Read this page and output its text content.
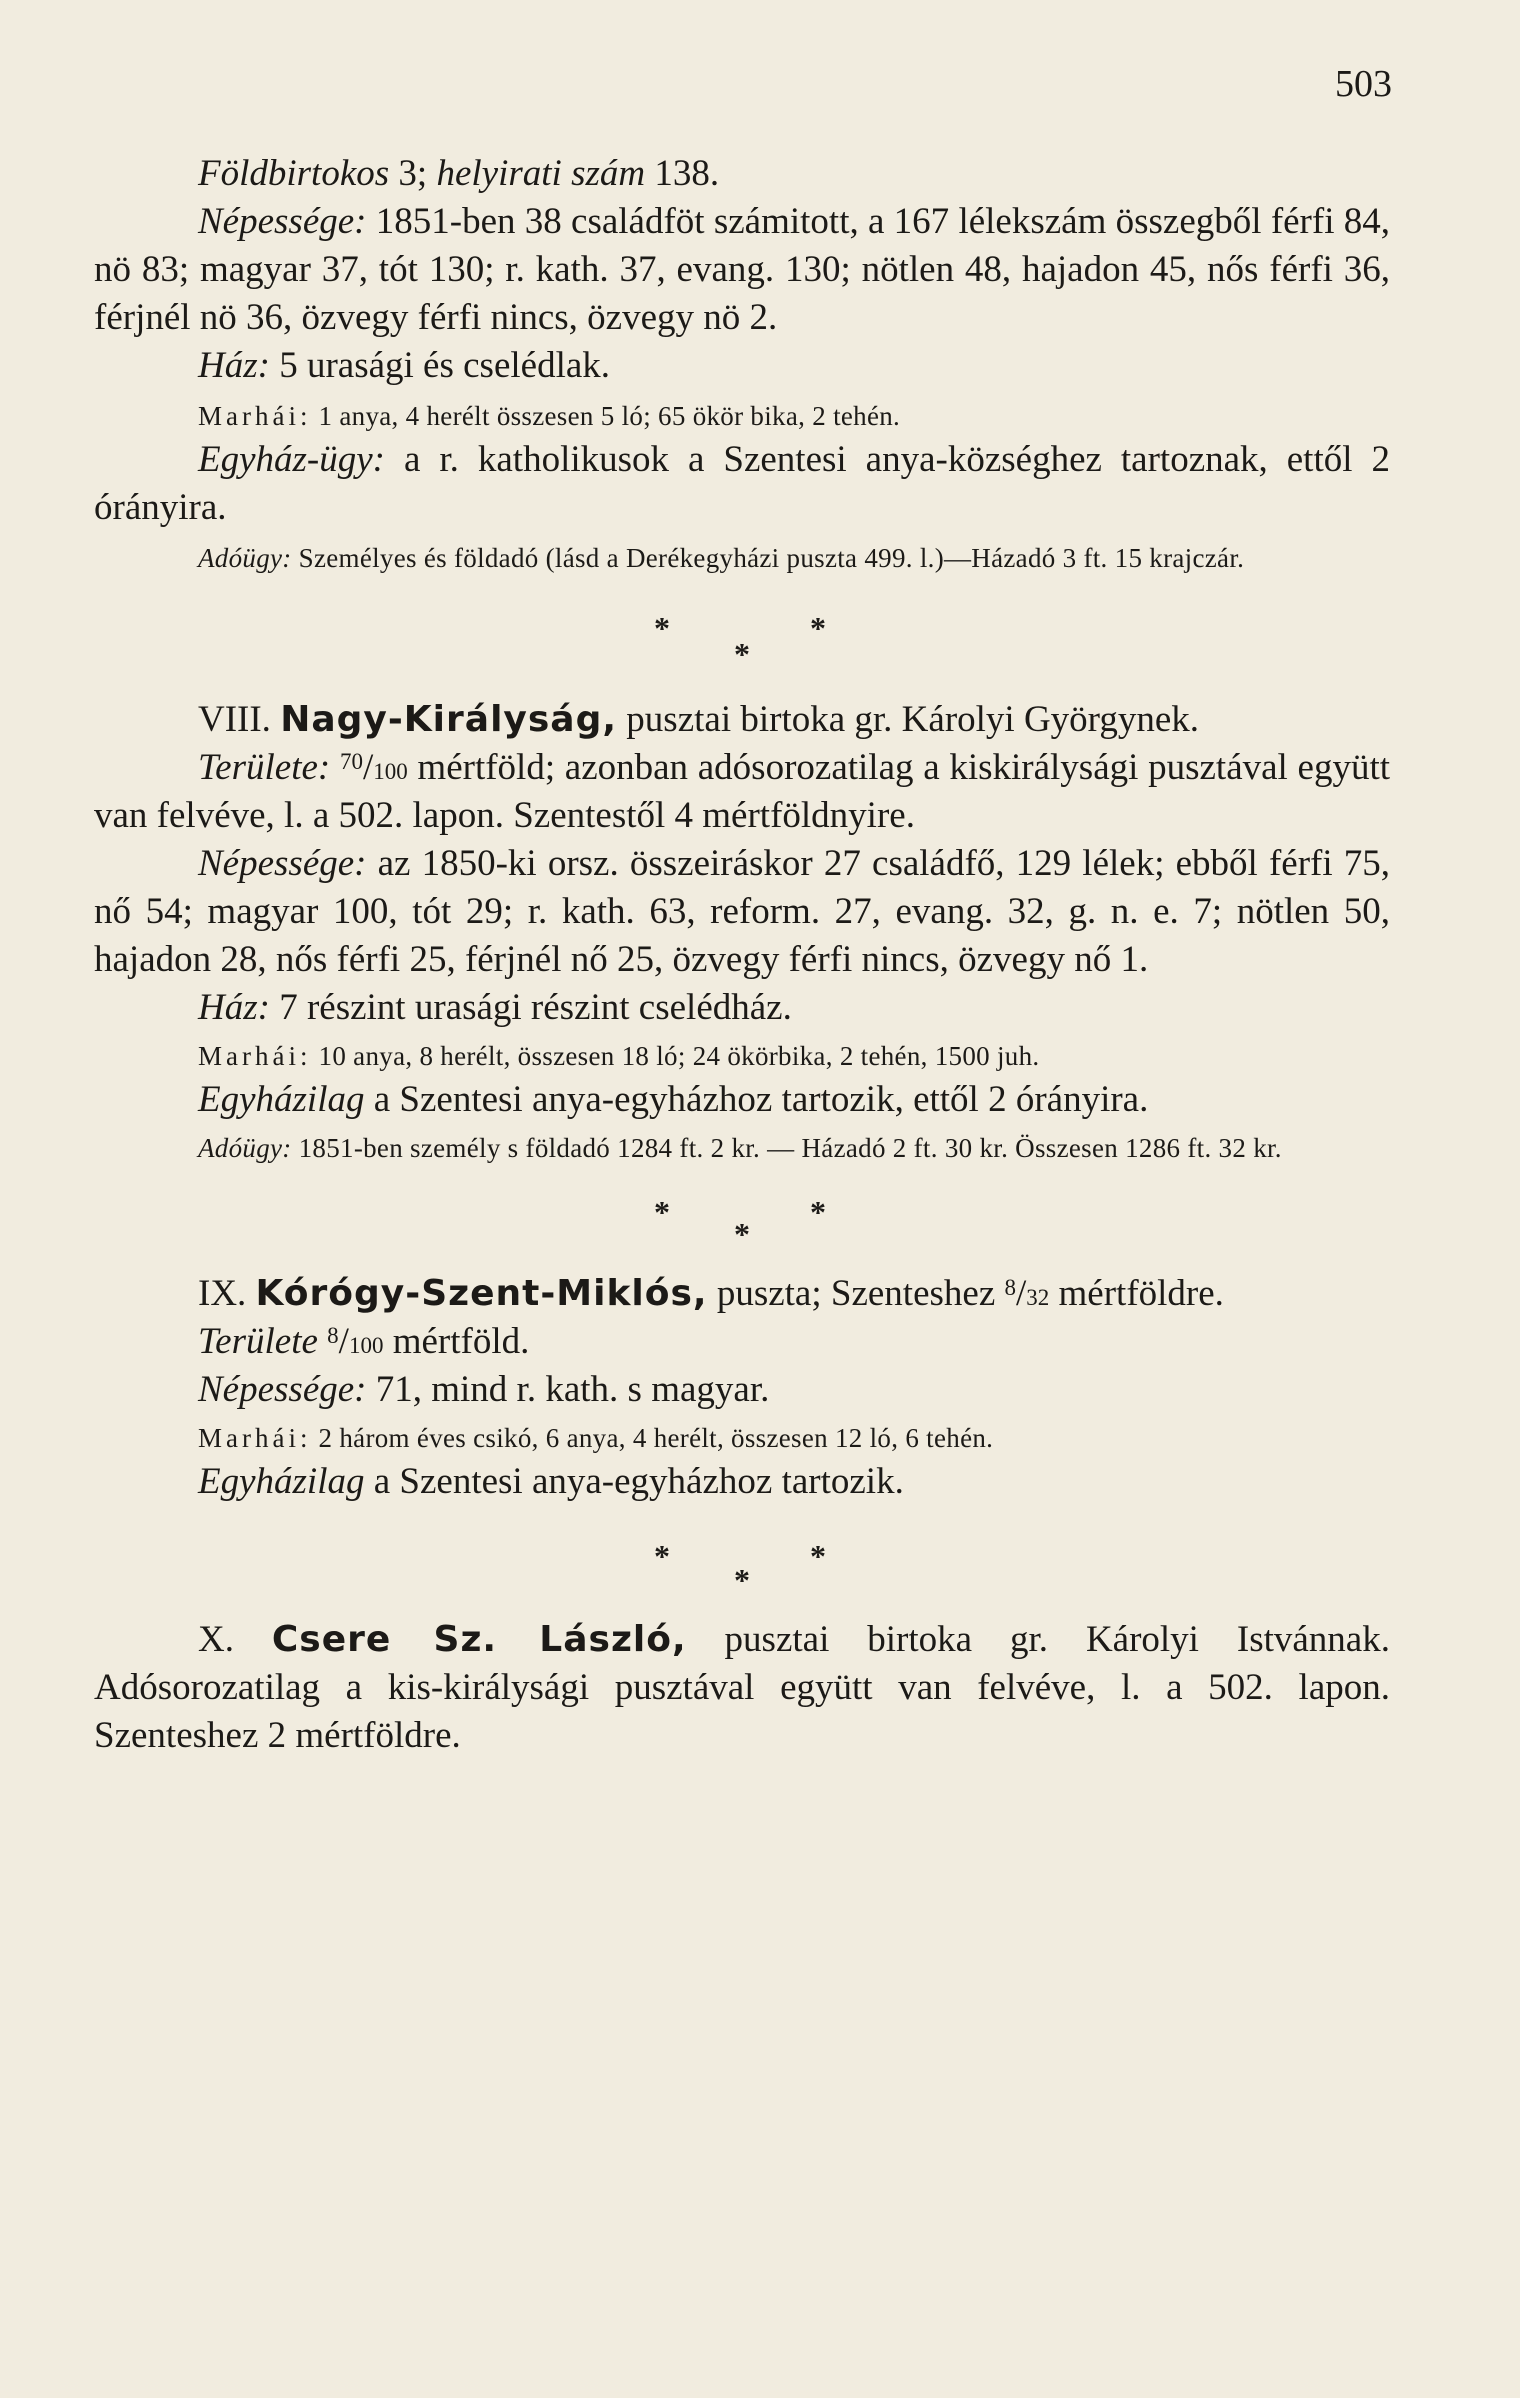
503

Földbirtokos 3; helyirati szám 138.

Népessége: 1851-ben 38 családföt számitott, a 167 lélekszám összegből férfi 84, nö 83; magyar 37, tót 130; r. kath. 37, evang. 130; nötlen 48, hajadon 45, nős férfi 36, férjnél nö 36, özvegy férfi nincs, özvegy nö 2.

Ház: 5 urasági és cselédlak.

Marhái: 1 anya, 4 herélt összesen 5 ló; 65 ökör bika, 2 tehén.

Egyház-ügy: a r. katholikusok a Szentesi anya-községhez tartoznak, ettől 2 órányira.

Adóügy: Személyes és földadó (lásd a Derékegyházi puszta 499. l.)—Házadó 3 ft. 15 krajczár.

*	*
*

VIII. Nagy-Királyság, pusztai birtoka gr. Károlyi Györgynek.

Területe: $^{70}$/100 mértföld; azonban adósorozatilag a kiskirálysági pusztával együtt van felvéve, l. a 502. lapon. Szentestől 4 mértföldnyire.

Népessége: az 1850-ki orsz. összeiráskor 27 családfő, 129 lélek; ebből férfi 75, nő 54; magyar 100, tót 29; r. kath. 63, reform. 27, evang. 32, g. n. e. 7; nötlen 50, hajadon 28, nős férfi 25, férjnél nő 25, özvegy férfi nincs, özvegy nő 1.

Ház: 7 részint urasági részint cselédház.

Marhái: 10 anya, 8 herélt, összesen 18 ló; 24 ökörbika, 2 tehén, 1500 juh.

Egyházilag a Szentesi anya-egyházhoz tartozik, ettől 2 órányira.

Adóügy: 1851-ben személy s földadó 1284 ft. 2 kr. — Házadó 2 ft. 30 kr. Összesen 1286 ft. 32 kr.

*	*
*

IX. Kórógy-Szent-Miklós, puszta; Szenteshez $^8$/32 mértföldre.

Területe $^8$/100 mértföld.

Népessége: 71, mind r. kath. s magyar.

Marhái: 2 három éves csikó, 6 anya, 4 herélt, összesen 12 ló, 6 tehén.

Egyházilag a Szentesi anya-egyházhoz tartozik.

*	*
*

X. Csere Sz. László, pusztai birtoka gr. Károlyi Istvánnak. Adósorozatilag a kis-királysági pusztával együtt van felvéve, l. a 502. lapon. Szenteshez 2 mértföldre.
